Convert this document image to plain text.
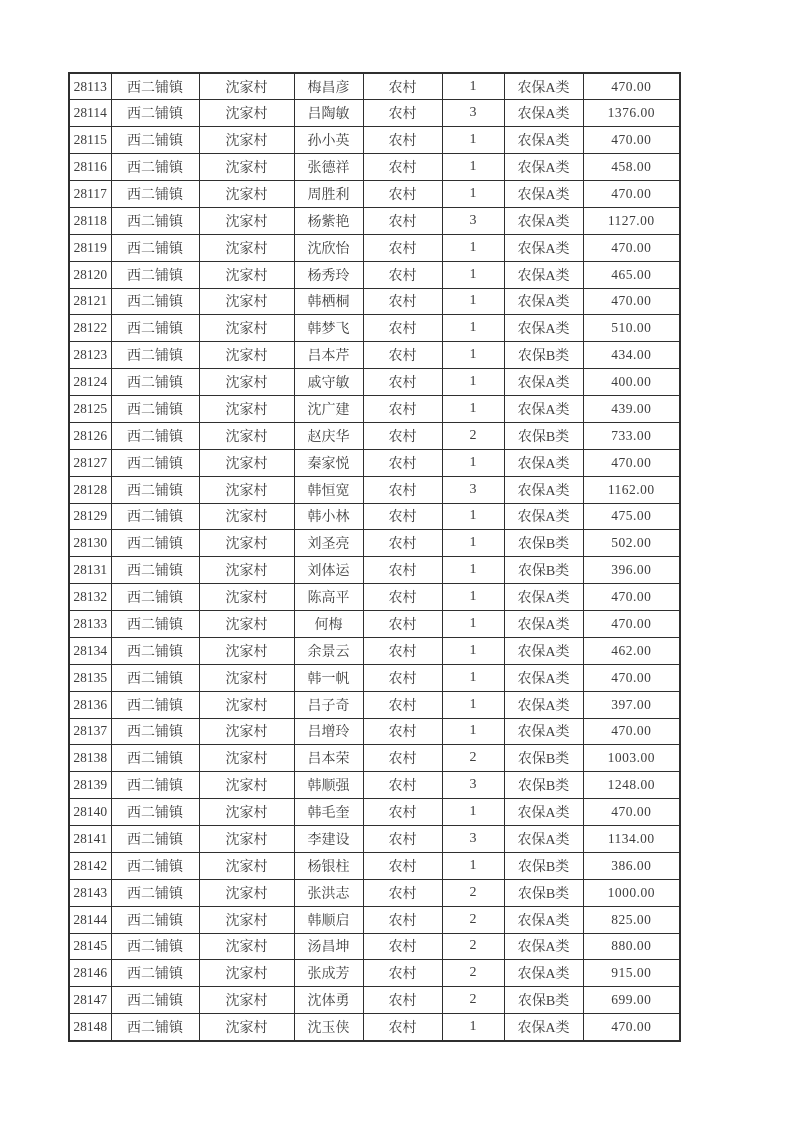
28113	西二铺镇	沈家村	梅昌彦	农村	1	农保A类	470.00
28114	西二铺镇	沈家村	吕陶敏	农村	3	农保A类	1376.00
28115	西二铺镇	沈家村	孙小英	农村	1	农保A类	470.00
28116	西二铺镇	沈家村	张德祥	农村	1	农保A类	458.00
28117	西二铺镇	沈家村	周胜利	农村	1	农保A类	470.00
28118	西二铺镇	沈家村	杨紫艳	农村	3	农保A类	1127.00
28119	西二铺镇	沈家村	沈欣怡	农村	1	农保A类	470.00
28120	西二铺镇	沈家村	杨秀玲	农村	1	农保A类	465.00
28121	西二铺镇	沈家村	韩栖桐	农村	1	农保A类	470.00
28122	西二铺镇	沈家村	韩梦飞	农村	1	农保A类	510.00
28123	西二铺镇	沈家村	吕本芹	农村	1	农保B类	434.00
28124	西二铺镇	沈家村	戚守敏	农村	1	农保A类	400.00
28125	西二铺镇	沈家村	沈广建	农村	1	农保A类	439.00
28126	西二铺镇	沈家村	赵庆华	农村	2	农保B类	733.00
28127	西二铺镇	沈家村	秦家悦	农村	1	农保A类	470.00
28128	西二铺镇	沈家村	韩恒宽	农村	3	农保A类	1162.00
28129	西二铺镇	沈家村	韩小林	农村	1	农保A类	475.00
28130	西二铺镇	沈家村	刘圣亮	农村	1	农保B类	502.00
28131	西二铺镇	沈家村	刘体运	农村	1	农保B类	396.00
28132	西二铺镇	沈家村	陈高平	农村	1	农保A类	470.00
28133	西二铺镇	沈家村	何梅	农村	1	农保A类	470.00
28134	西二铺镇	沈家村	余景云	农村	1	农保A类	462.00
28135	西二铺镇	沈家村	韩一帆	农村	1	农保A类	470.00
28136	西二铺镇	沈家村	吕子奇	农村	1	农保A类	397.00
28137	西二铺镇	沈家村	吕增玲	农村	1	农保A类	470.00
28138	西二铺镇	沈家村	吕本荣	农村	2	农保B类	1003.00
28139	西二铺镇	沈家村	韩顺强	农村	3	农保B类	1248.00
28140	西二铺镇	沈家村	韩毛奎	农村	1	农保A类	470.00
28141	西二铺镇	沈家村	李建设	农村	3	农保A类	1134.00
28142	西二铺镇	沈家村	杨银柱	农村	1	农保B类	386.00
28143	西二铺镇	沈家村	张洪志	农村	2	农保B类	1000.00
28144	西二铺镇	沈家村	韩顺启	农村	2	农保A类	825.00
28145	西二铺镇	沈家村	汤昌坤	农村	2	农保A类	880.00
28146	西二铺镇	沈家村	张成芳	农村	2	农保A类	915.00
28147	西二铺镇	沈家村	沈体勇	农村	2	农保B类	699.00
28148	西二铺镇	沈家村	沈玉侠	农村	1	农保A类	470.00
